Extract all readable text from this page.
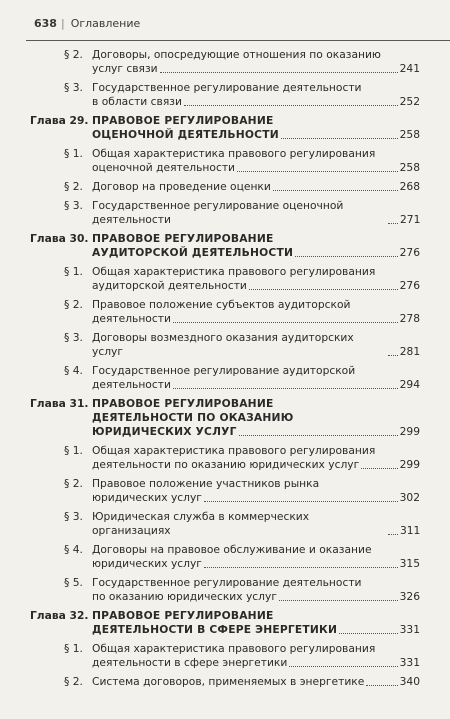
638 | Оглавление
§ 2. Договоры, опосредующие отношения по оказанию
услуг связи	241
§ 3. Государственное регулирование деятельности
в области связи	252
Глава 29. ПРАВОВОЕ РЕГУЛИРОВАНИЕ
ОЦЕНОЧНОЙ ДЕЯТЕЛЬНОСТИ	258
§ 1. Общая характеристика правового регулирования
оценочной деятельности	258
§ 2. Договор на проведение оценки	268
§ 3. Государственное регулирование оценочной деятельности	271
Глава 30. ПРАВОВОЕ РЕГУЛИРОВАНИЕ
АУДИТОРСКОЙ ДЕЯТЕЛЬНОСТИ	276
§ 1. Общая характеристика правового регулирования
аудиторской деятельности	276
§ 2. Правовое положение субъектов аудиторской
деятельности	278
§ 3. Договоры возмездного оказания аудиторских услуг	281
§ 4. Государственное регулирование аудиторской
деятельности	294
Глава 31. ПРАВОВОЕ РЕГУЛИРОВАНИЕ
ДЕЯТЕЛЬНОСТИ ПО ОКАЗАНИЮ
ЮРИДИЧЕСКИХ УСЛУГ	299
§ 1. Общая характеристика правового регулирования
деятельности по оказанию юридических услуг	299
§ 2. Правовое положение участников рынка
юридических услуг	302
§ 3. Юридическая служба в коммерческих организациях	311
§ 4. Договоры на правовое обслуживание и оказание
юридических услуг	315
§ 5. Государственное регулирование деятельности
по оказанию юридических услуг	326
Глава 32. ПРАВОВОЕ РЕГУЛИРОВАНИЕ
ДЕЯТЕЛЬНОСТИ В СФЕРЕ ЭНЕРГЕТИКИ	331
§ 1. Общая характеристика правового регулирования
деятельности в сфере энергетики	331
§ 2. Система договоров, применяемых в энергетике	340
